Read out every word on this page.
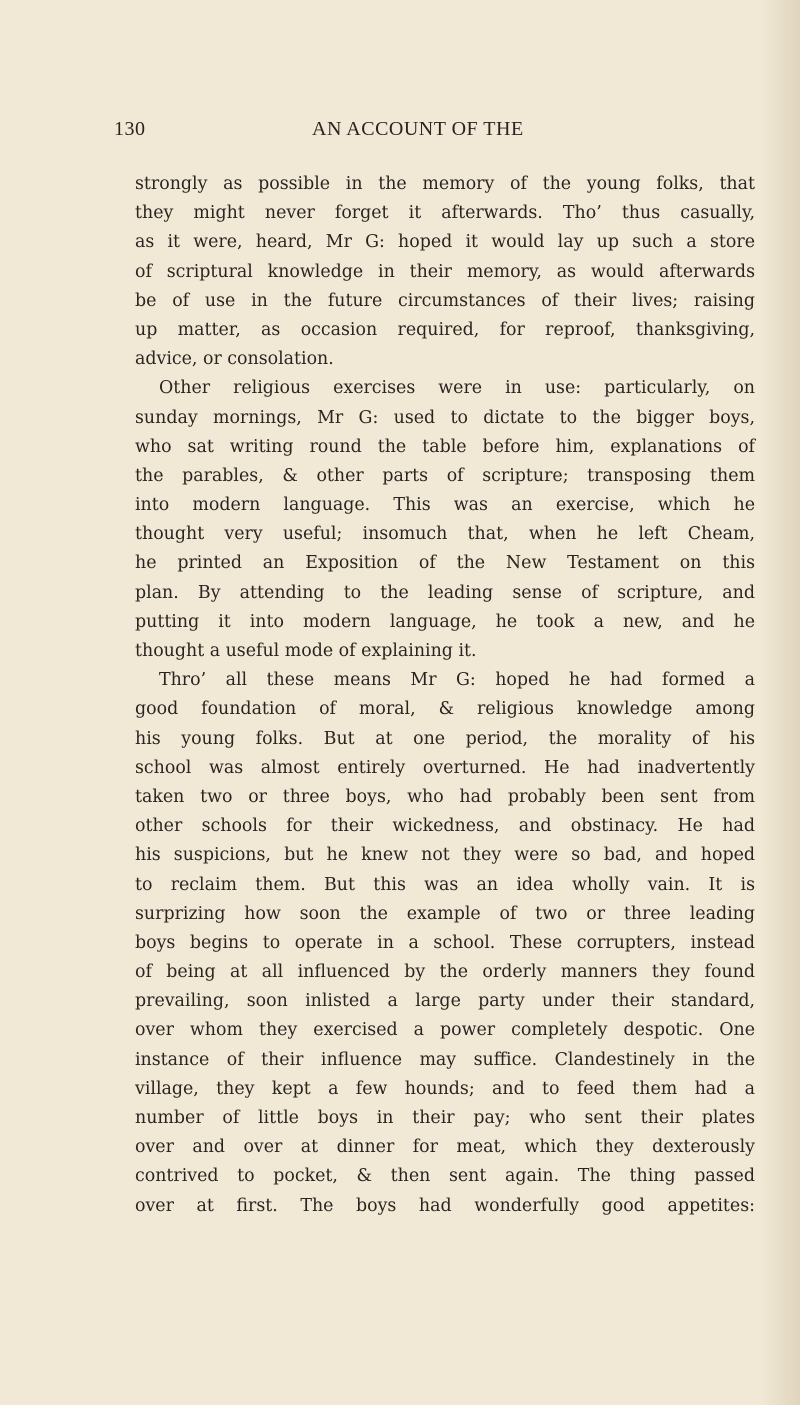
130	AN ACCOUNT OF THE
strongly as possible in the memory of the young folks, that
they might never forget it afterwards. Tho’ thus casually,
as it were, heard, Mr G: hoped it would lay up such a store
of scriptural knowledge in their memory, as would afterwards
be of use in the future circumstances of their lives; raising
up matter, as occasion required, for reproof, thanksgiving,
advice, or consolation.
Other religious exercises were in use: particularly, on
sunday mornings, Mr G: used to dictate to the bigger boys,
who sat writing round the table before him, explanations of
the parables, & other parts of scripture; transposing them
into modern language. This was an exercise, which he
thought very useful; insomuch that, when he left Cheam,
he printed an Exposition of the New Testament on this
plan. By attending to the leading sense of scripture, and
putting it into modern language, he took a new, and he
thought a useful mode of explaining it.
Thro’ all these means Mr G: hoped he had formed a
good foundation of moral, & religious knowledge among
his young folks. But at one period, the morality of his
school was almost entirely overturned. He had inadvertently
taken two or three boys, who had probably been sent from
other schools for their wickedness, and obstinacy. He had
his suspicions, but he knew not they were so bad, and hoped
to reclaim them. But this was an idea wholly vain. It is
surprizing how soon the example of two or three leading
boys begins to operate in a school. These corrupters, instead
of being at all influenced by the orderly manners they found
prevailing, soon inlisted a large party under their standard,
over whom they exercised a power completely despotic. One
instance of their influence may suffice. Clandestinely in the
village, they kept a few hounds; and to feed them had a
number of little boys in their pay; who sent their plates
over and over at dinner for meat, which they dexterously
contrived to pocket, & then sent again. The thing passed
over at first. The boys had wonderfully good appetites:
